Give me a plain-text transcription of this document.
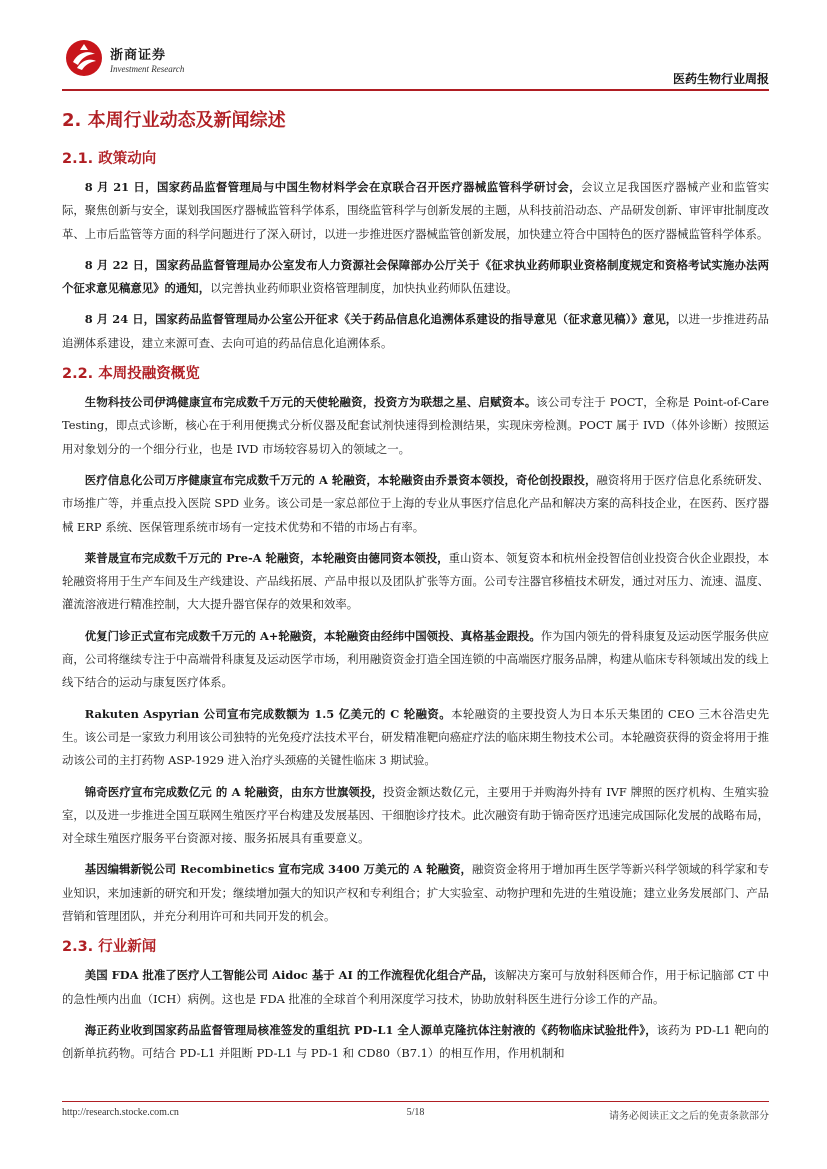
浙商证券
Investment Research
医药生物行业周报
2. 本周行业动态及新闻综述
2.1. 政策动向

8 月 21 日，国家药品监督管理局与中国生物材料学会在京联合召开医疗器械监管科学研讨会，会议立足我国医疗器械产业和监管实际，聚焦创新与安全，谋划我国医疗器械监管科学体系，围绕监管科学与创新发展的主题，从科技前沿动态、产品研发创新、审评审批制度改革、上市后监管等方面的科学问题进行了深入研讨，以进一步推进医疗器械监管创新发展，加快建立符合中国特色的医疗器械监管科学体系。

8 月 22 日，国家药品监督管理局办公室发布人力资源社会保障部办公厅关于《征求执业药师职业资格制度规定和资格考试实施办法两个征求意见稿意见》的通知，以完善执业药师职业资格管理制度，加快执业药师队伍建设。

8 月 24 日，国家药品监督管理局办公室公开征求《关于药品信息化追溯体系建设的指导意见（征求意见稿）》意见，以进一步推进药品追溯体系建设，建立来源可查、去向可追的药品信息化追溯体系。

2.2. 本周投融资概览

生物科技公司伊鸿健康宣布完成数千万元的天使轮融资，投资方为联想之星、启赋资本。该公司专注于 POCT，全称是 Point-of-Care Testing，即点式诊断，核心在于利用便携式分析仪器及配套试剂快速得到检测结果，实现床旁检测。POCT 属于 IVD（体外诊断）按照运用对象划分的一个细分行业，也是 IVD 市场较容易切入的领域之一。

医疗信息化公司万序健康宣布完成数千万元的 A 轮融资，本轮融资由乔景资本领投，奇伦创投跟投，融资将用于医疗信息化系统研发、市场推广等，并重点投入医院 SPD 业务。该公司是一家总部位于上海的专业从事医疗信息化产品和解决方案的高科技企业，在医药、医疗器械 ERP 系统、医保管理系统市场有一定技术优势和不错的市场占有率。

莱普晟宣布完成数千万元的 Pre-A 轮融资，本轮融资由德同资本领投，重山资本、领复资本和杭州金投智信创业投资合伙企业跟投，本轮融资将用于生产车间及生产线建设、产品线拓展、产品申报以及团队扩张等方面。公司专注器官移植技术研发，通过对压力、流速、温度、灌流溶液进行精准控制，大大提升器官保存的效果和效率。

优复门诊正式宣布完成数千万元的 A+轮融资，本轮融资由经纬中国领投、真格基金跟投。作为国内领先的骨科康复及运动医学服务供应商，公司将继续专注于中高端骨科康复及运动医学市场，利用融资资金打造全国连锁的中高端医疗服务品牌，构建从临床专科领域出发的线上线下结合的运动与康复医疗体系。

Rakuten Aspyrian 公司宣布完成数额为 1.5 亿美元的 C 轮融资。本轮融资的主要投资人为日本乐天集团的 CEO 三木谷浩史先生。该公司是一家致力利用该公司独特的光免疫疗法技术平台，研发精准靶向癌症疗法的临床期生物技术公司。本轮融资获得的资金将用于推动该公司的主打药物 ASP-1929 进入治疗头颈癌的关键性临床 3 期试验。

锦奇医疗宣布完成数亿元 的 A 轮融资，由东方世旗领投，投资金额达数亿元，主要用于并购海外持有 IVF 牌照的医疗机构、生殖实验室，以及进一步推进全国互联网生殖医疗平台构建及发展基因、干细胞诊疗技术。此次融资有助于锦奇医疗迅速完成国际化发展的战略布局，对全球生殖医疗服务平台资源对接、服务拓展具有重要意义。

基因编辑新锐公司 Recombinetics 宣布完成 3400 万美元的 A 轮融资，融资资金将用于增加再生医学等新兴科学领域的科学家和专业知识，来加速新的研究和开发；继续增加强大的知识产权和专利组合；扩大实验室、动物护理和先进的生殖设施；建立业务发展部门、产品营销和管理团队，并充分利用许可和共同开发的机会。

2.3. 行业新闻

美国 FDA 批准了医疗人工智能公司 Aidoc 基于 AI 的工作流程优化组合产品，该解决方案可与放射科医师合作，用于标记脑部 CT 中的急性颅内出血（ICH）病例。这也是 FDA 批准的全球首个利用深度学习技术，协助放射科医生进行分诊工作的产品。

海正药业收到国家药品监督管理局核准签发的重组抗 PD-L1 全人源单克隆抗体注射液的《药物临床试验批件》，该药为 PD-L1 靶向的创新单抗药物。可结合 PD-L1 并阻断 PD-L1 与 PD-1 和 CD80（B7.1）的相互作用，作用机制和

http://research.stocke.com.cn	5/18	请务必阅读正文之后的免责条款部分
